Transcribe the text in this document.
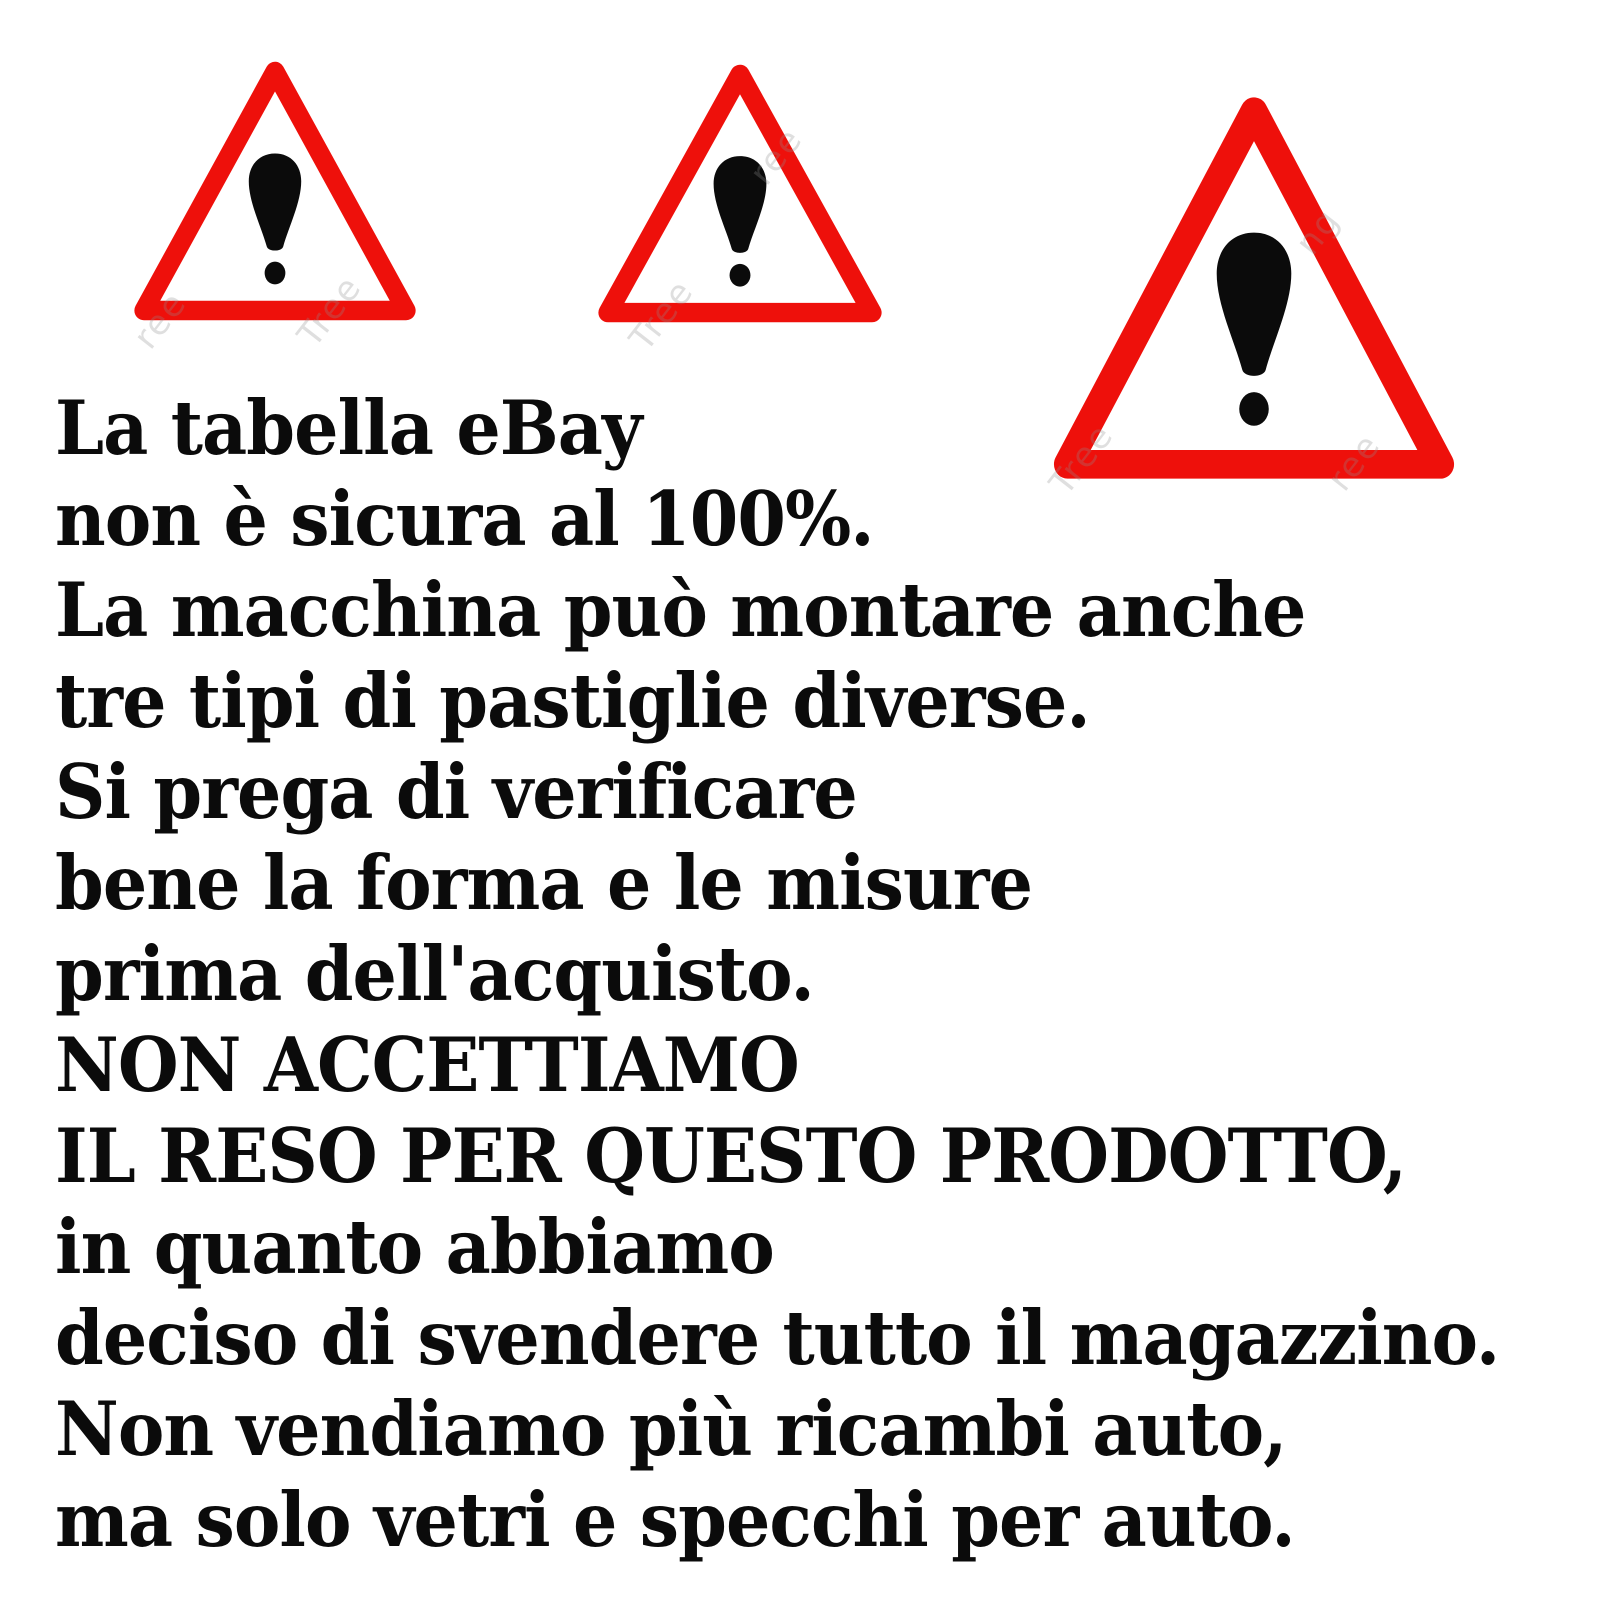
ree	Tree
ree
Tree
ng
Tree	ree
La tabella eBay
non è sicura al 100%.
La macchina può montare anche
tre tipi di pastiglie diverse.
Si prega di verificare
bene la forma e le misure
prima dell'acquisto.
NON ACCETTIAMO
IL RESO PER QUESTO PRODOTTO,
in quanto abbiamo
deciso di svendere tutto il magazzino.
Non vendiamo più ricambi auto,
ma solo vetri e specchi per auto.
